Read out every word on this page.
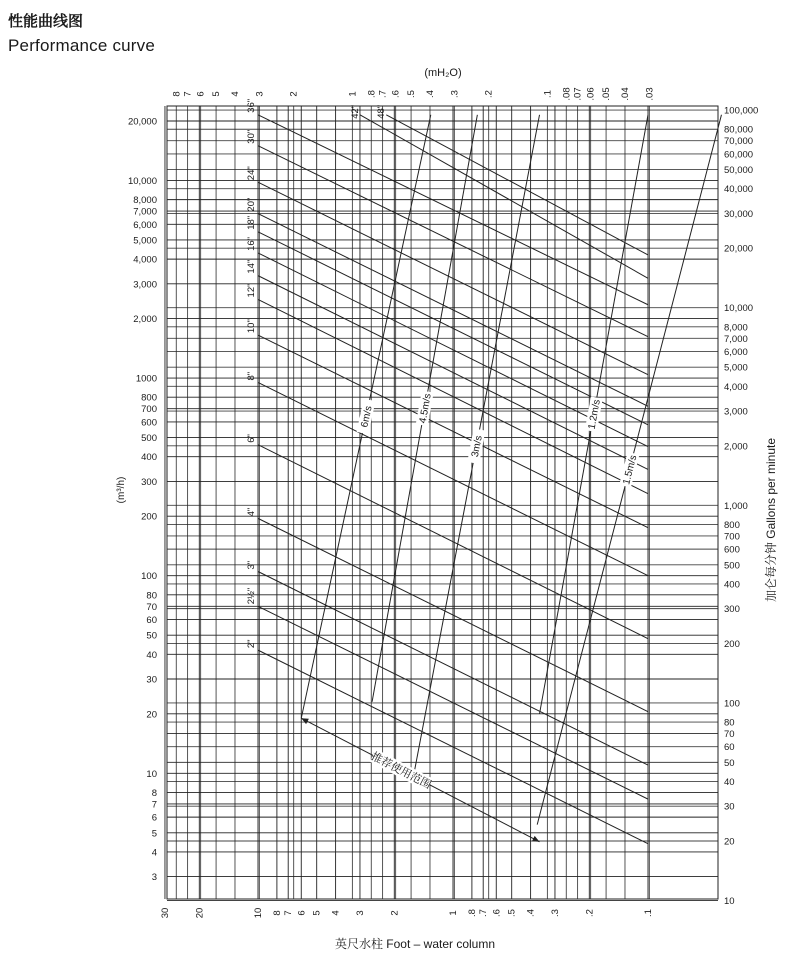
性能曲线图
Performance curve
20,000
10,000
8,000
7,000
6,000
5,000
4,000
3,000
2,000
1000
800
700
600
500
400
300
200
100
80
70
60
50
40
30
20
10
8
7
6
5
4
3
100,000
80,000
70,000
60,000
50,000
40,000
30,000
20,000
10,000
8,000
7,000
6,000
5,000
4,000
3,000
2,000
1,000
800
700
600
500
400
300
200
100
80
70
60
50
40
30
20
10
30 20	10 8 7 6 5 4 3 2	1 .8 .7 .6 .5 .4 .3 .2	.1
8 7 6 5 4 3 2	1 .8 .7 .6 .5 .4 .3 .2	.1 .08 .07 .06 .05 .04 .03
2"
2½"
3"
4"
6"
8"
10"
12"
14"
16"
18"
20"
24"
30"
36"	42" 48"
6m/s	4.5m/s
3m/s
1.5m/s
1.2m/s
推荐使用范围
(mH₂O)
英尺水柱 Foot – water column
(m³/h)	加仑每分钟 Gallons per minute
